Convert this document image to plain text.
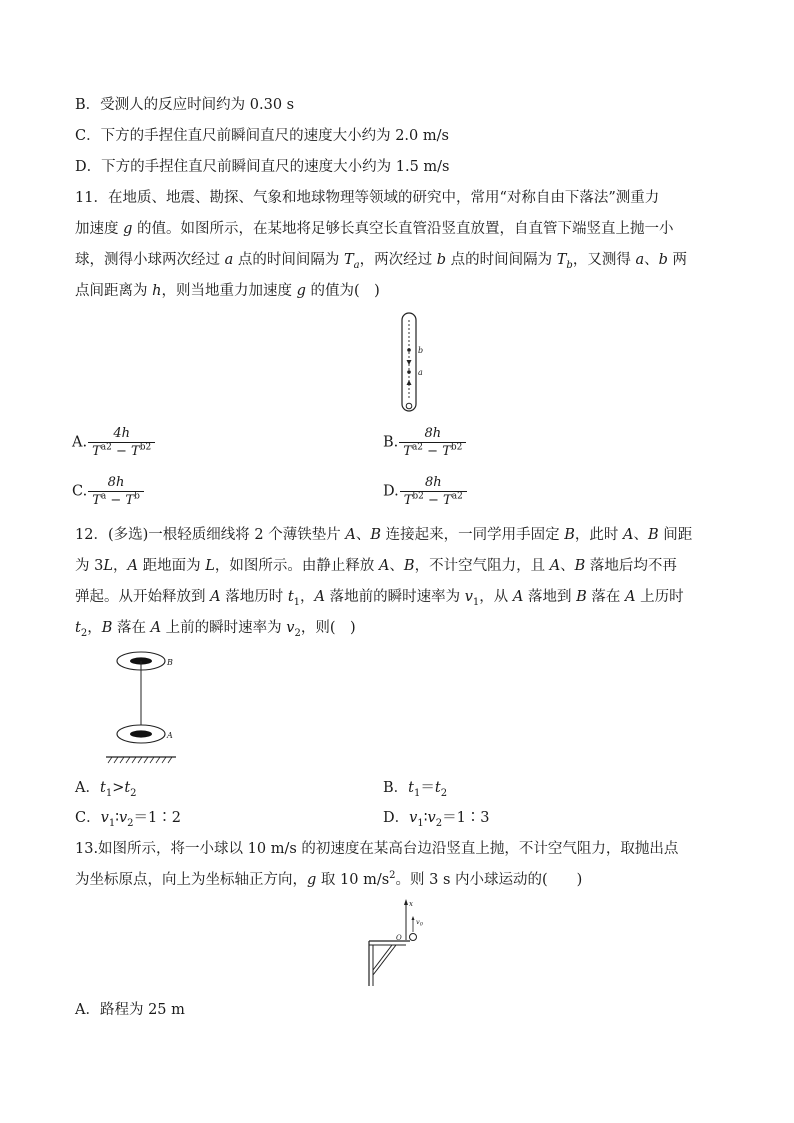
B．受测人的反应时间约为 0.30 s
C．下方的手捏住直尺前瞬间直尺的速度大小约为 2.0 m/s
D．下方的手捏住直尺前瞬间直尺的速度大小约为 1.5 m/s
11．在地质、地震、勘探、气象和地球物理等领域的研究中，常用“对称自由下落法”测重力
加速度 g 的值。如图所示，在某地将足够长真空长直管沿竖直放置，自直管下端竖直上抛一小
球，测得小球两次经过 a 点的时间间隔为 $T_a$，两次经过 b 点的时间间隔为 $T_b$，又测得 a、b 两
点间距离为 h，则当地重力加速度 g 的值为(　)
b
a
A. $\frac{4h}{T^{a2} - T^{b2}}$	B. $\frac{8h}{T^{a2} - T^{b2}}$
C. $\frac{8h}{T^a - T^b}$	D. $\frac{8h}{T^{b2} - T^{a2}}$
12．(多选)一根轻质细线将 2 个薄铁垫片 A、B 连接起来，一同学用手固定 B，此时 A、B 间距
为 3L，A 距地面为 L，如图所示。由静止释放 A、B，不计空气阻力，且 A、B 落地后均不再
弹起。从开始释放到 A 落地历时 $t_1$，A 落地前的瞬时速率为 $v_1$，从 A 落地到 B 落在 A 上历时
$t_2$，B 落在 A 上前的瞬时速率为 $v_2$，则(　)
B
A
A．$t_1>t_2$	B．$t_1=t_2$
C．$v_1∶v_2=1∶2$	D．$v_1∶v_2=1∶3$
13.如图所示，将一小球以 10 m/s 的初速度在某高台边沿竖直上抛，不计空气阻力，取抛出点
为坐标原点，向上为坐标轴正方向，g 取 10 $m/s^2$。则 3 s 内小球运动的(　　)
x
$v_0$
O
A．路程为 25 m
